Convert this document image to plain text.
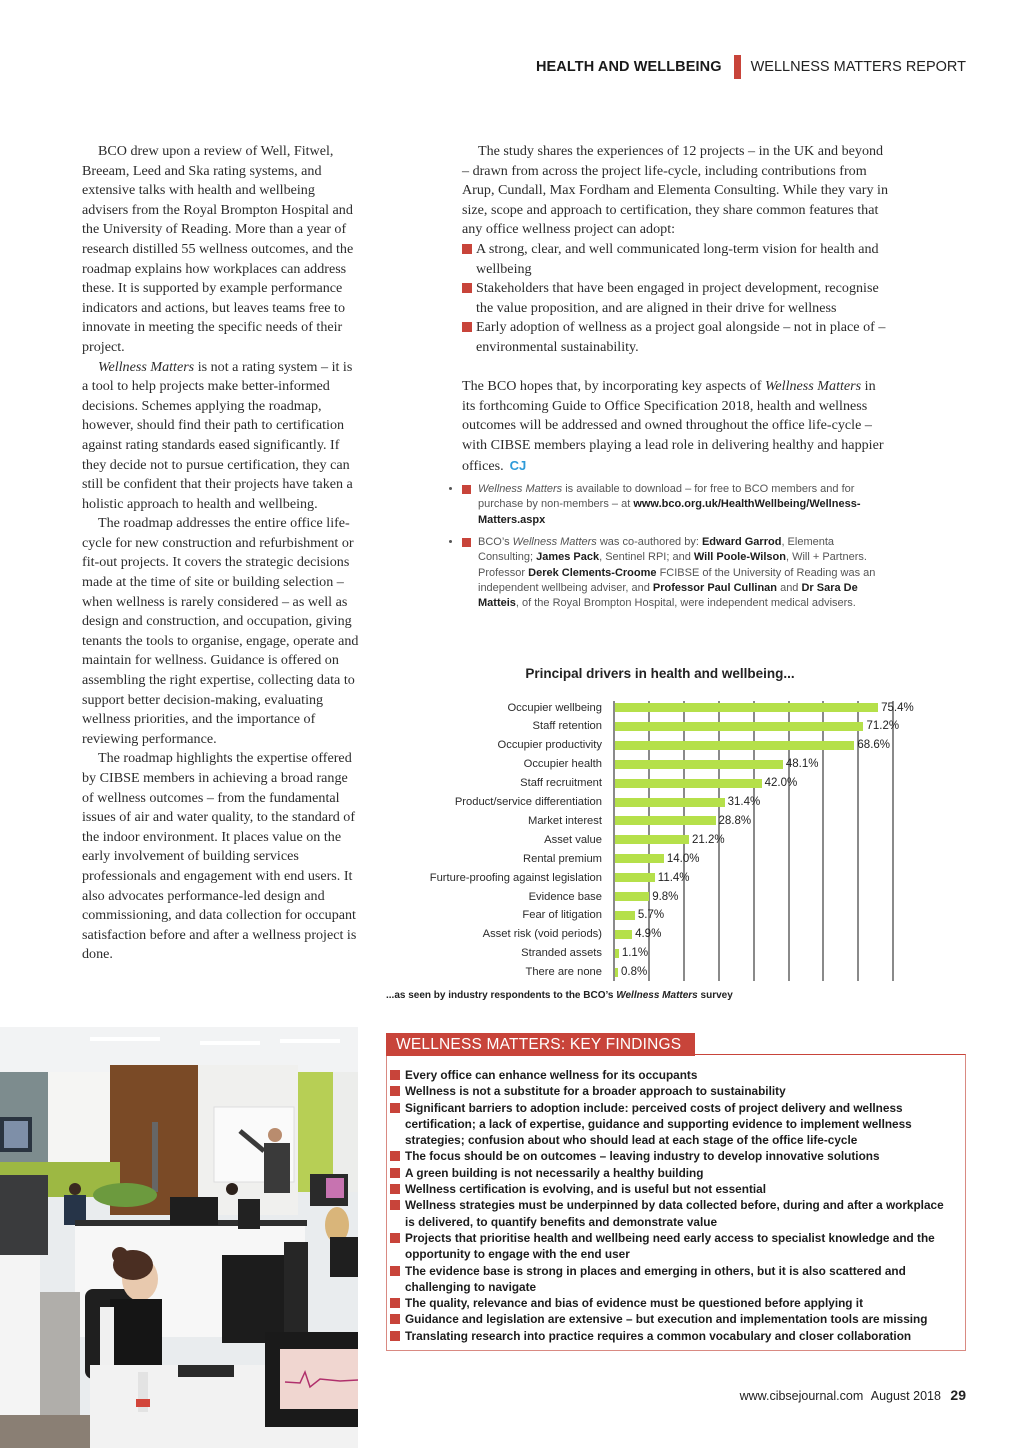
HEALTH AND WELLBEING WELLNESS MATTERS REPORT

BCO drew upon a review of Well, Fitwel, Breeam, Leed and Ska rating systems, and extensive talks with health and wellbeing advisers from the Royal Brompton Hospital and the University of Reading. More than a year of research distilled 55 wellness outcomes, and the roadmap explains how workplaces can address these. It is supported by example performance indicators and actions, but leaves teams free to innovate in meeting the specific needs of their project.

Wellness Matters is not a rating system – it is a tool to help projects make better-informed decisions. Schemes applying the roadmap, however, should find their path to certification against rating standards eased significantly. If they decide not to pursue certification, they can still be confident that their projects have taken a holistic approach to health and wellbeing.

The roadmap addresses the entire office life-cycle for new construction and refurbishment or fit-out projects. It covers the strategic decisions made at the time of site or building selection – when wellness is rarely considered – as well as design and construction, and occupation, giving tenants the tools to organise, engage, operate and maintain for wellness. Guidance is offered on assembling the right expertise, collecting data to support better decision-making, evaluating wellness priorities, and the importance of reviewing performance.

The roadmap highlights the expertise offered by CIBSE members in achieving a broad range of wellness outcomes – from the fundamental issues of air and water quality, to the standard of the indoor environment. It places value on the early involvement of building services professionals and engagement with end users. It also advocates performance-led design and commissioning, and data collection for occupant satisfaction before and after a wellness project is done.

The study shares the experiences of 12 projects – in the UK and beyond – drawn from across the project life-cycle, including contributions from Arup, Cundall, Max Fordham and Elementa Consulting. While they vary in size, scope and approach to certification, they share common features that any office wellness project can adopt:

A strong, clear, and well communicated long-term vision for health and wellbeing
Stakeholders that have been engaged in project development, recognise the value proposition, and are aligned in their drive for wellness
Early adoption of wellness as a project goal alongside – not in place of – environmental sustainability.

The BCO hopes that, by incorporating key aspects of Wellness Matters in its forthcoming Guide to Office Specification 2018, health and wellness outcomes will be addressed and owned throughout the office life-cycle – with CIBSE members playing a lead role in delivering healthy and happier offices. CJ

• Wellness Matters is available to download – for free to BCO members and for purchase by non-members – at www.bco.org.uk/HealthWellbeing/Wellness-Matters.aspx
• BCO’s Wellness Matters was co-authored by: Edward Garrod, Elementa Consulting; James Pack, Sentinel RPI; and Will Poole-Wilson, Will + Partners. Professor Derek Clements-Croome FCIBSE of the University of Reading was an independent wellbeing adviser, and Professor Paul Cullinan and Dr Sara De Matteis, of the Royal Brompton Hospital, were independent medical advisers.
Principal drivers in health and wellbeing...
Occupier wellbeing	75.4%
Staff retention	71.2%
Occupier productivity	68.6%
Occupier health	48.1%
Staff recruitment	42.0%
Product/service differentiation	31.4%
Market interest	28.8%
Asset value	21.2%
Rental premium	14.0%
Furture-proofing against legislation	11.4%
Evidence base	9.8%
Fear of litigation	5.7%
Asset risk (void periods)	4.9%
Stranded assets 1.1%
There are none 0.8%
...as seen by industry respondents to the BCO’s Wellness Matters survey
WELLNESS MATTERS: KEY FINDINGS
Every office can enhance wellness for its occupants
Wellness is not a substitute for a broader approach to sustainability
Significant barriers to adoption include: perceived costs of project delivery and wellness certification; a lack of expertise, guidance and supporting evidence to implement wellness strategies; confusion about who should lead at each stage of the office life-cycle
The focus should be on outcomes – leaving industry to develop innovative solutions
A green building is not necessarily a healthy building
Wellness certification is evolving, and is useful but not essential
Wellness strategies must be underpinned by data collected before, during and after a workplace is delivered, to quantify benefits and demonstrate value
Projects that prioritise health and wellbeing need early access to specialist knowledge and the opportunity to engage with the end user
The evidence base is strong in places and emerging in others, but it is also scattered and challenging to navigate
The quality, relevance and bias of evidence must be questioned before applying it
Guidance and legislation are extensive – but execution and implementation tools are missing
Translating research into practice requires a common vocabulary and closer collaboration
www.cibsejournal.com August 2018 29
